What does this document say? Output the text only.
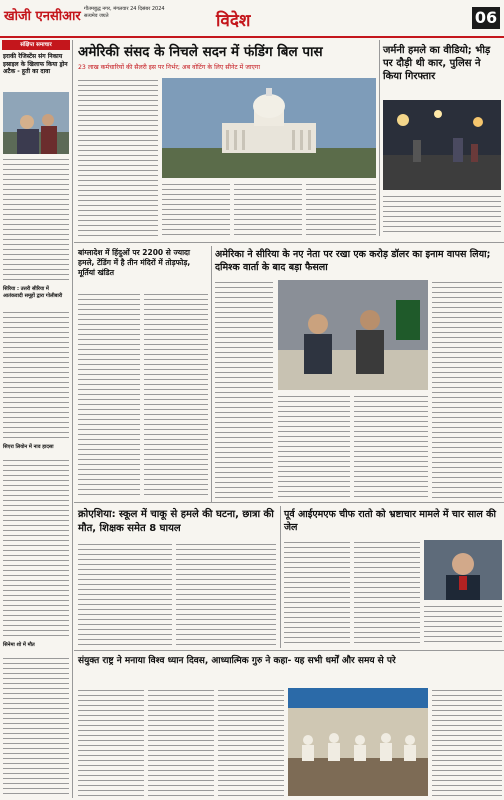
खोजी एनसीआर गौतमबुद्ध नगर, मंगलवार 24 दिसंबर 2024
सत्यमेव जयते	विदेश	06
संक्षिप्त समाचार
इराकी रेजिस्टेंस संग निकाय इस्राइल के खिलाफ किया ड्रोन अटैक - हूती का दावा
सिरिया : उत्तरी सीरिया में आतंकवादी समूहों द्वारा गोलीबारी
सिएरा लियोन में नाव हादसा
सिनेमा शो में मौत
अमेरिकी संसद के निचले सदन में फंडिंग बिल पास
23 लाख कर्मचारियों की सैलरी इस पर निर्भर; अब वोटिंग के लिए सीनेट में जाएगा
जर्मनी हमले का वीडियो; भीड़ पर दौड़ी थी कार, पुलिस ने किया गिरफ्तार
बांग्लादेश में हिंदुओं पर 2200 से ज्यादा हमले, टेंडिंग में है तीन मंदिरों में तोड़फोड़, मूर्तियां खंडित
अमेरिका ने सीरिया के नए नेता पर रखा एक करोड़ डॉलर का इनाम वापस लिया; दमिश्क वार्ता के बाद बड़ा फैसला
क्रोएशिया: स्कूल में चाकू से हमले की घटना, छात्रा की मौत, शिक्षक समेत 8 घायल
पूर्व आईएमएफ चीफ रातो को भ्रष्टाचार मामले में चार साल की जेल
संयुक्त राष्ट्र ने मनाया विश्व ध्यान दिवस, आध्यात्मिक गुरु ने कहा- यह सभी धर्मों और समय से परे
